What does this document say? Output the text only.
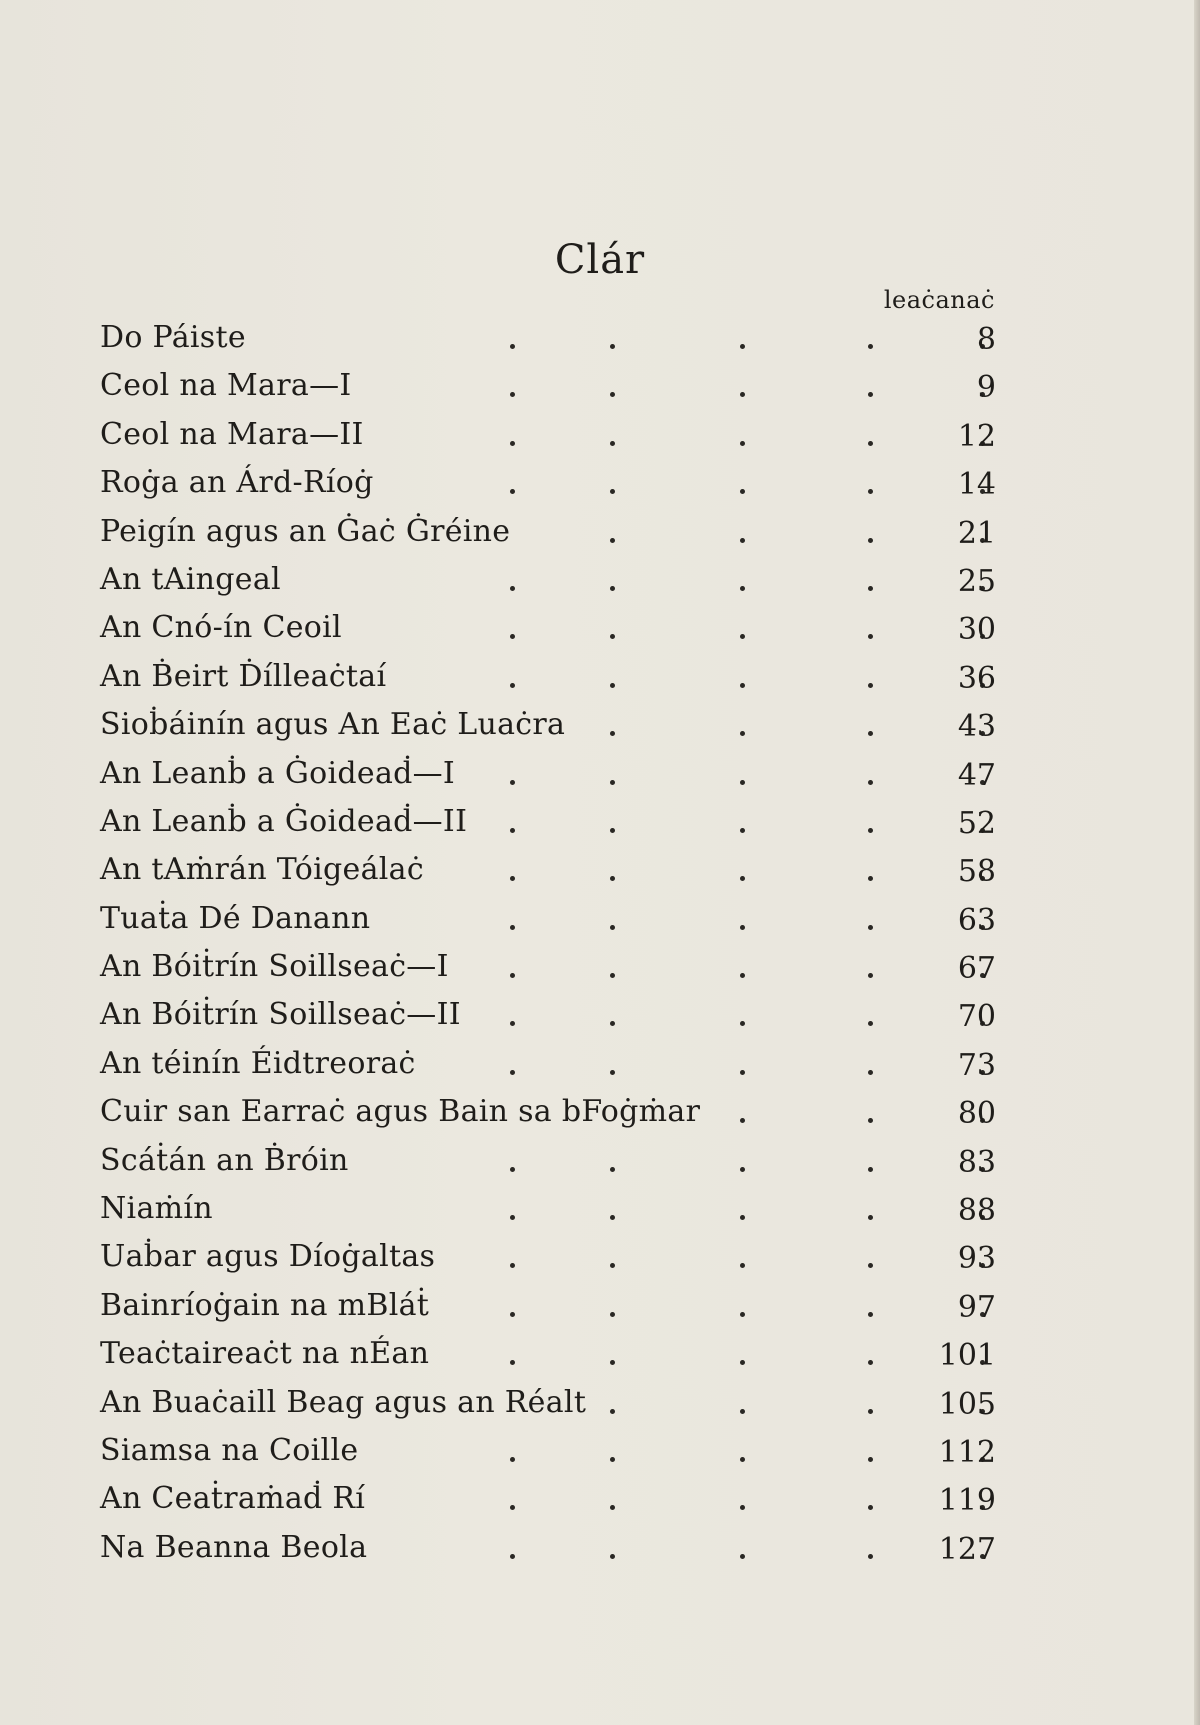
Clár
leaċanaċ
Do Páiste	8
Ceol na Mara—I	9
Ceol na Mara—II	12
Roġa an Árd-Ríoġ	14
Peigín agus an Ġaċ Ġréine	21
An tAingeal	25
An Cnó-ín Ceoil	30
An Ḃeirt Ḋílleaċtaí	36
Sioḃáinín agus An Eaċ Luaċra	43
An Leanḃ a Ġoideaḋ—I	47
An Leanḃ a Ġoideaḋ—II	52
An tAṁrán Tóigeálaċ	58
Tuaṫa Dé Danann	63
An Bóiṫrín Soillseaċ—I	67
An Bóiṫrín Soillseaċ—II	70
An téinín Éidtreoraċ	73
Cuir san Earraċ agus Bain sa bFoġṁar	80
Scáṫán an Ḃróin	83
Niaṁín	88
Uaḃar agus Díoġaltas	93
Bainríoġain na mBláṫ	97
Teaċtaireaċt na nÉan	101
An Buaċaill Beag agus an Réalt	105
Siamsa na Coille	112
An Ceaṫraṁaḋ Rí	119
Na Beanna Beola	127
